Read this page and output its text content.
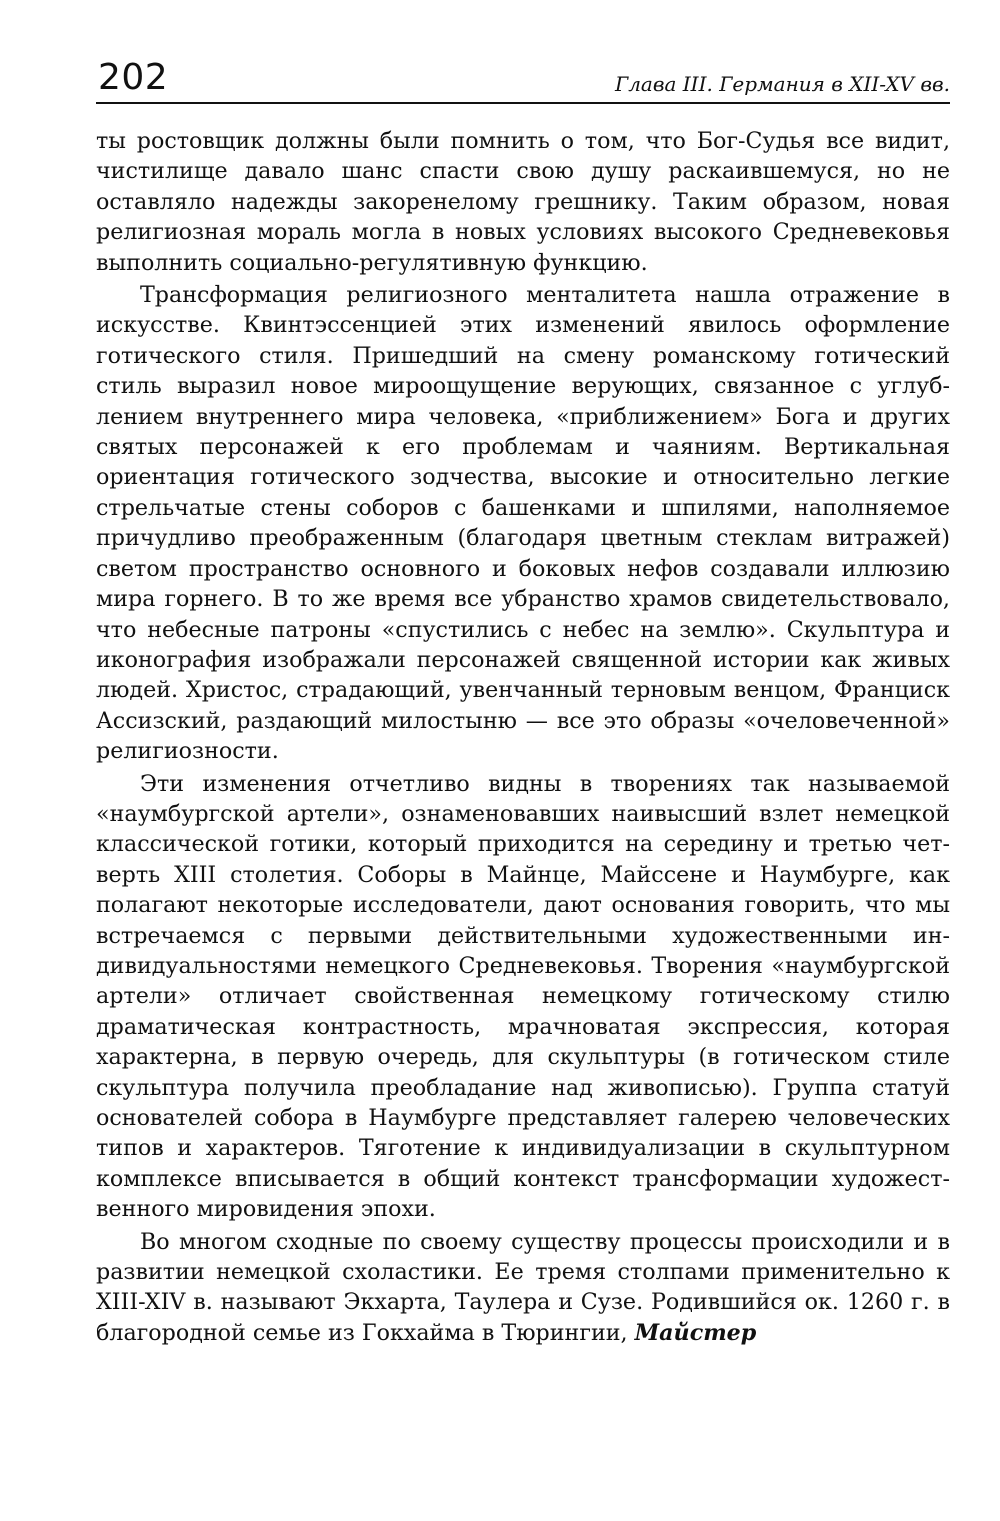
202	Глава III. Германия в XII-XV вв.

ты ростовщик должны были помнить о том, что Бог-Судья все видит, чистилище давало шанс спасти свою душу раскаившемуся, но не оставляло надежды закоренелому грешнику. Таким образом, новая религиозная мораль могла в новых условиях высокого Средневековья выполнить социально-регулятивную функцию.

Трансформация религиозного менталитета нашла отражение в искусстве. Квинтэссенцией этих изменений явилось оформление готического стиля. Пришедший на смену романскому готический стиль выразил новое мироощущение верующих, связанное с углублением внутреннего мира человека, «приближением» Бога и других святых персонажей к его проблемам и чаяниям. Вертикальная ориентация готического зодчества, высокие и относительно легкие стрельчатые стены соборов с башенками и шпилями, наполняемое причудливо преображенным (благодаря цветным стеклам витражей) светом пространство основного и боковых нефов создавали иллюзию мира горнего. В то же время все убранство храмов свидетельствовало, что небесные патроны «спустились с небес на землю». Скульптура и иконография изображали персонажей священной истории как живых людей. Христос, страдающий, увенчанный терновым венцом, Франциск Ассизский, раздающий милостыню — все это образы «очеловеченной» религиозности.

Эти изменения отчетливо видны в творениях так называемой «наумбургской артели», ознаменовавших наивысший взлет немецкой классической готики, который приходится на середину и третью четверть XIII столетия. Соборы в Майнце, Майссене и Наумбурге, как полагают некоторые исследователи, дают основания говорить, что мы встречаемся с первыми действительными художественными индивидуальностями немецкого Средневековья. Творения «наумбургской артели» отличает свойственная немецкому готическому стилю драматическая контрастность, мрачноватая экспрессия, которая характерна, в первую очередь, для скульптуры (в готическом стиле скульптура получила преобладание над живописью). Группа статуй основателей собора в Наумбурге представляет галерею человеческих типов и характеров. Тяготение к индивидуализации в скульптурном комплексе вписывается в общий контекст трансформации художественного мировидения эпохи.

Во многом сходные по своему существу процессы происходили и в развитии немецкой схоластики. Ее тремя столпами применительно к XIII-XIV в. называют Экхарта, Таулера и Сузе. Родившийся ок. 1260 г. в благородной семье из Гокхайма в Тюрингии, Майстер
